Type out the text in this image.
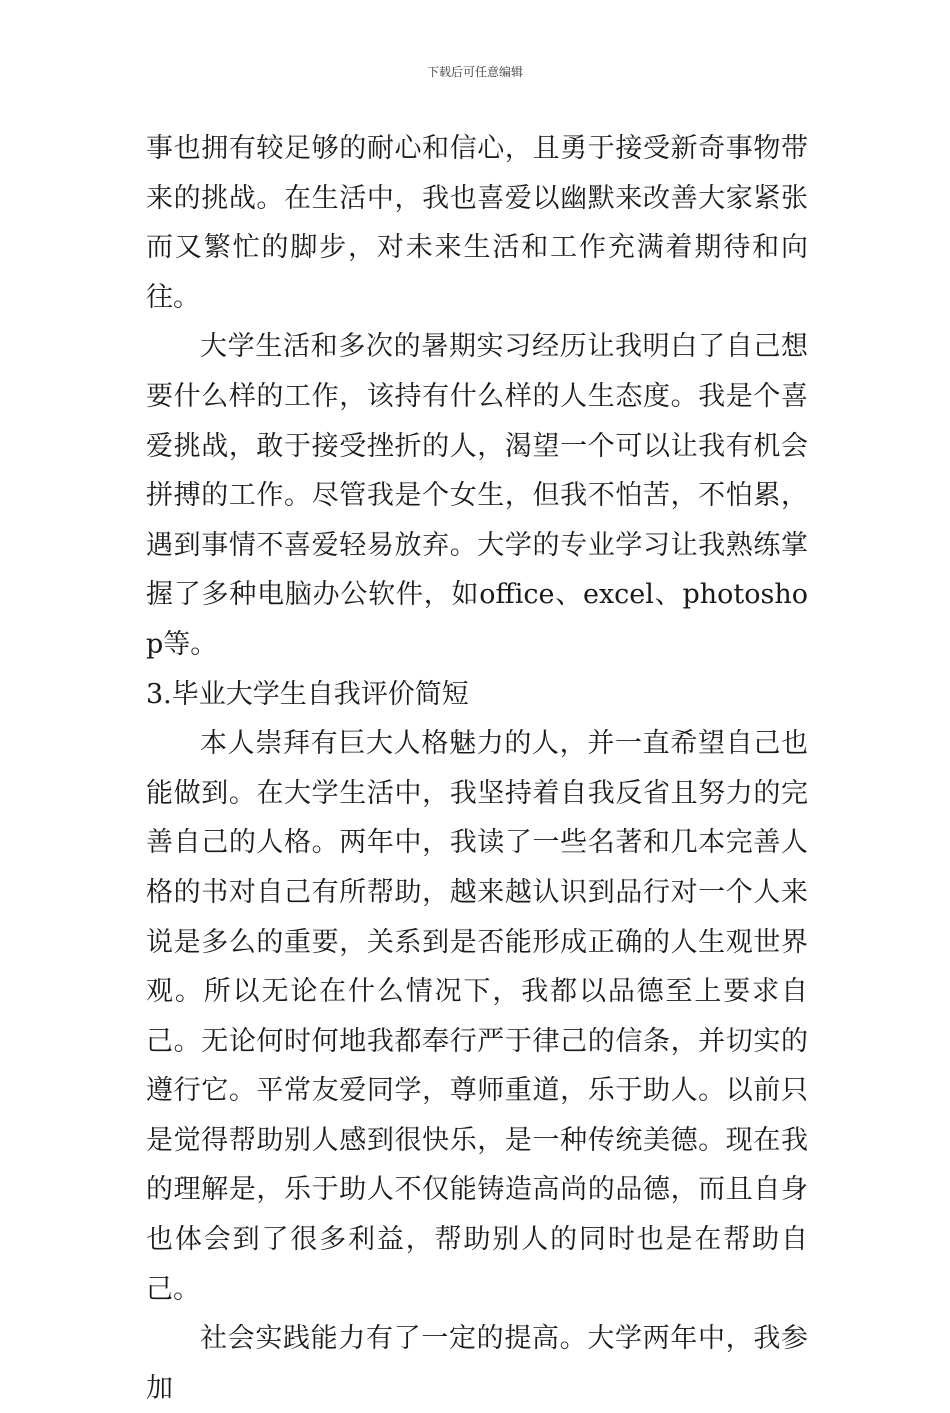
下载后可任意编辑

事也拥有较足够的耐心和信心，且勇于接受新奇事物带来的挑战。在生活中，我也喜爱以幽默来改善大家紧张而又繁忙的脚步，对未来生活和工作充满着期待和向往。

大学生活和多次的暑期实习经历让我明白了自己想要什么样的工作，该持有什么样的人生态度。我是个喜爱挑战，敢于接受挫折的人，渴望一个可以让我有机会拼搏的工作。尽管我是个女生，但我不怕苦，不怕累，遇到事情不喜爱轻易放弃。大学的专业学习让我熟练掌握了多种电脑办公软件，如office、excel、photoshop等。

3.毕业大学生自我评价简短

本人崇拜有巨大人格魅力的人，并一直希望自己也能做到。在大学生活中，我坚持着自我反省且努力的完善自己的人格。两年中，我读了一些名著和几本完善人格的书对自己有所帮助，越来越认识到品行对一个人来说是多么的重要，关系到是否能形成正确的人生观世界观。所以无论在什么情况下，我都以品德至上要求自己。无论何时何地我都奉行严于律己的信条，并切实的遵行它。平常友爱同学，尊师重道，乐于助人。以前只是觉得帮助别人感到很快乐，是一种传统美德。现在我的理解是，乐于助人不仅能铸造高尚的品德，而且自身也体会到了很多利益，帮助别人的同时也是在帮助自己。

社会实践能力有了一定的提高。大学两年中，我参加
